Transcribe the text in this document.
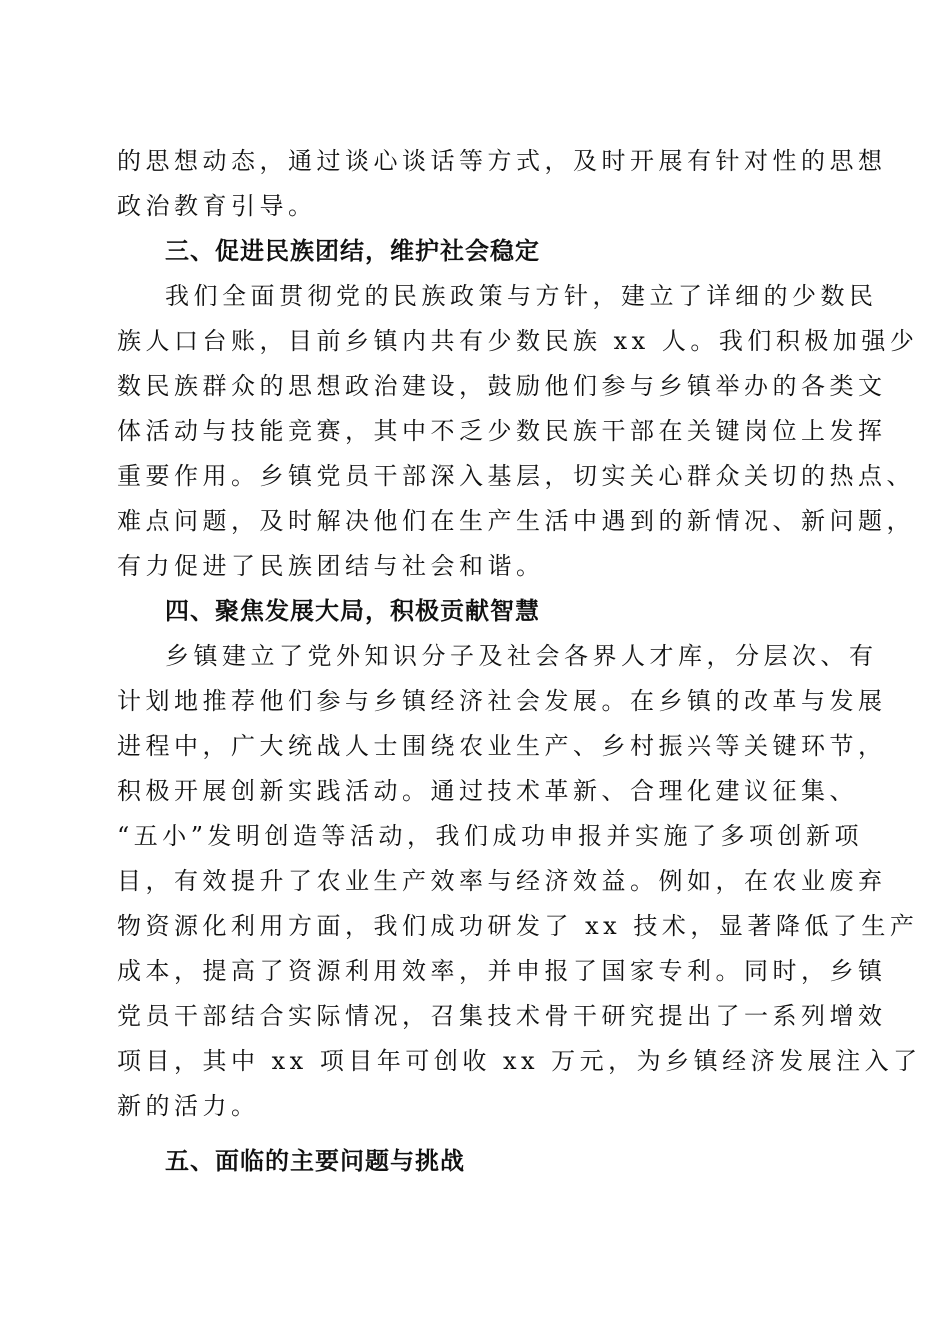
的思想动态，通过谈心谈话等方式，及时开展有针对性的思想
政治教育引导。
三、促进民族团结，维护社会稳定
我们全面贯彻党的民族政策与方针，建立了详细的少数民
族人口台账，目前乡镇内共有少数民族 xx 人。我们积极加强少
数民族群众的思想政治建设，鼓励他们参与乡镇举办的各类文
体活动与技能竞赛，其中不乏少数民族干部在关键岗位上发挥
重要作用。乡镇党员干部深入基层，切实关心群众关切的热点、
难点问题，及时解决他们在生产生活中遇到的新情况、新问题，
有力促进了民族团结与社会和谐。
四、聚焦发展大局，积极贡献智慧
乡镇建立了党外知识分子及社会各界人才库，分层次、有
计划地推荐他们参与乡镇经济社会发展。在乡镇的改革与发展
进程中，广大统战人士围绕农业生产、乡村振兴等关键环节，
积极开展创新实践活动。通过技术革新、合理化建议征集、
“五小”发明创造等活动，我们成功申报并实施了多项创新项
目，有效提升了农业生产效率与经济效益。例如，在农业废弃
物资源化利用方面，我们成功研发了 xx 技术，显著降低了生产
成本，提高了资源利用效率，并申报了国家专利。同时，乡镇
党员干部结合实际情况，召集技术骨干研究提出了一系列增效
项目，其中 xx 项目年可创收 xx 万元，为乡镇经济发展注入了
新的活力。
五、面临的主要问题与挑战
